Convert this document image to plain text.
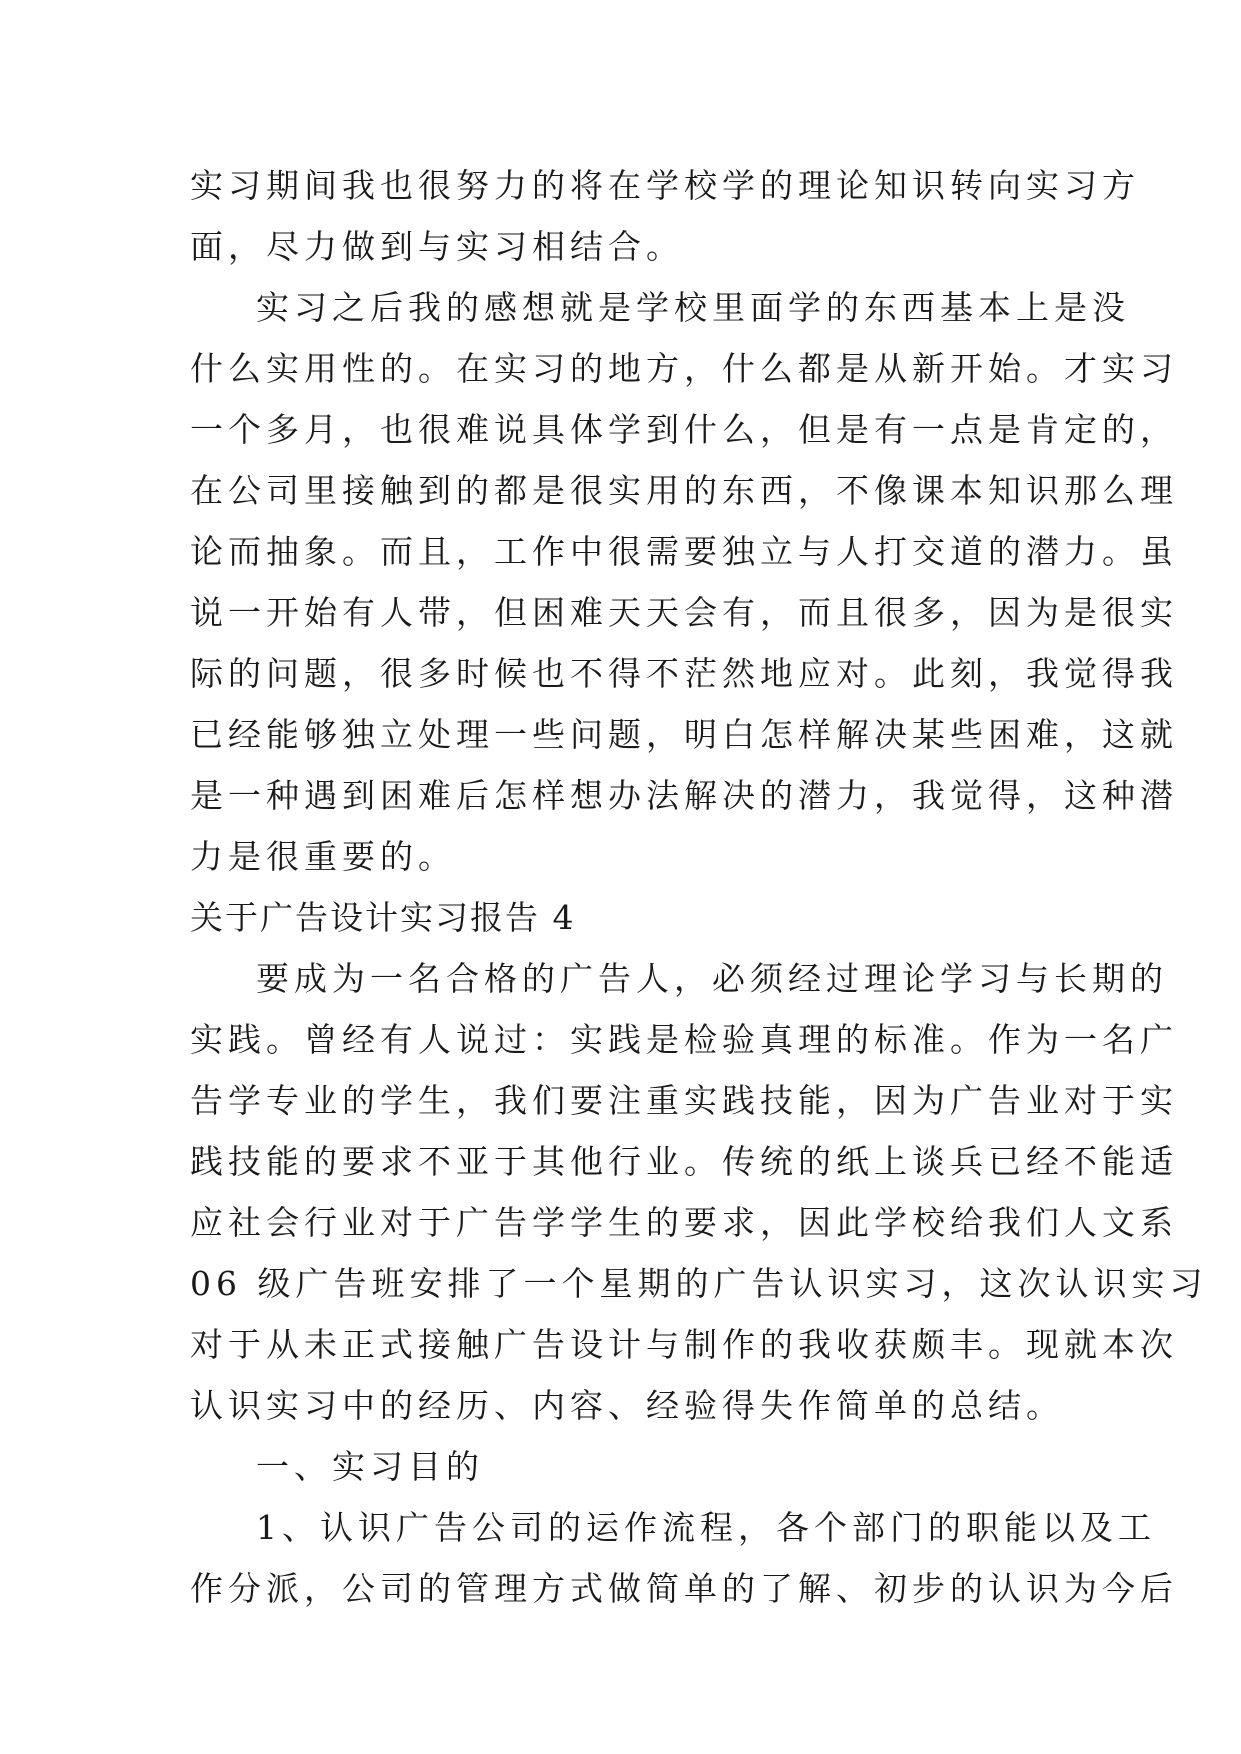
实习期间我也很努力的将在学校学的理论知识转向实习方
面，尽力做到与实习相结合。
实习之后我的感想就是学校里面学的东西基本上是没
什么实用性的。在实习的地方，什么都是从新开始。才实习
一个多月，也很难说具体学到什么，但是有一点是肯定的，
在公司里接触到的都是很实用的东西，不像课本知识那么理
论而抽象。而且，工作中很需要独立与人打交道的潜力。虽
说一开始有人带，但困难天天会有，而且很多，因为是很实
际的问题，很多时候也不得不茫然地应对。此刻，我觉得我
已经能够独立处理一些问题，明白怎样解决某些困难，这就
是一种遇到困难后怎样想办法解决的潜力，我觉得，这种潜
力是很重要的。
关于广告设计实习报告 4
要成为一名合格的广告人，必须经过理论学习与长期的
实践。曾经有人说过：实践是检验真理的标准。作为一名广
告学专业的学生，我们要注重实践技能，因为广告业对于实
践技能的要求不亚于其他行业。传统的纸上谈兵已经不能适
应社会行业对于广告学学生的要求，因此学校给我们人文系
06 级广告班安排了一个星期的广告认识实习，这次认识实习
对于从未正式接触广告设计与制作的我收获颇丰。现就本次
认识实习中的经历、内容、经验得失作简单的总结。
一、实习目的
1、认识广告公司的运作流程，各个部门的职能以及工
作分派，公司的管理方式做简单的了解、初步的认识为今后
